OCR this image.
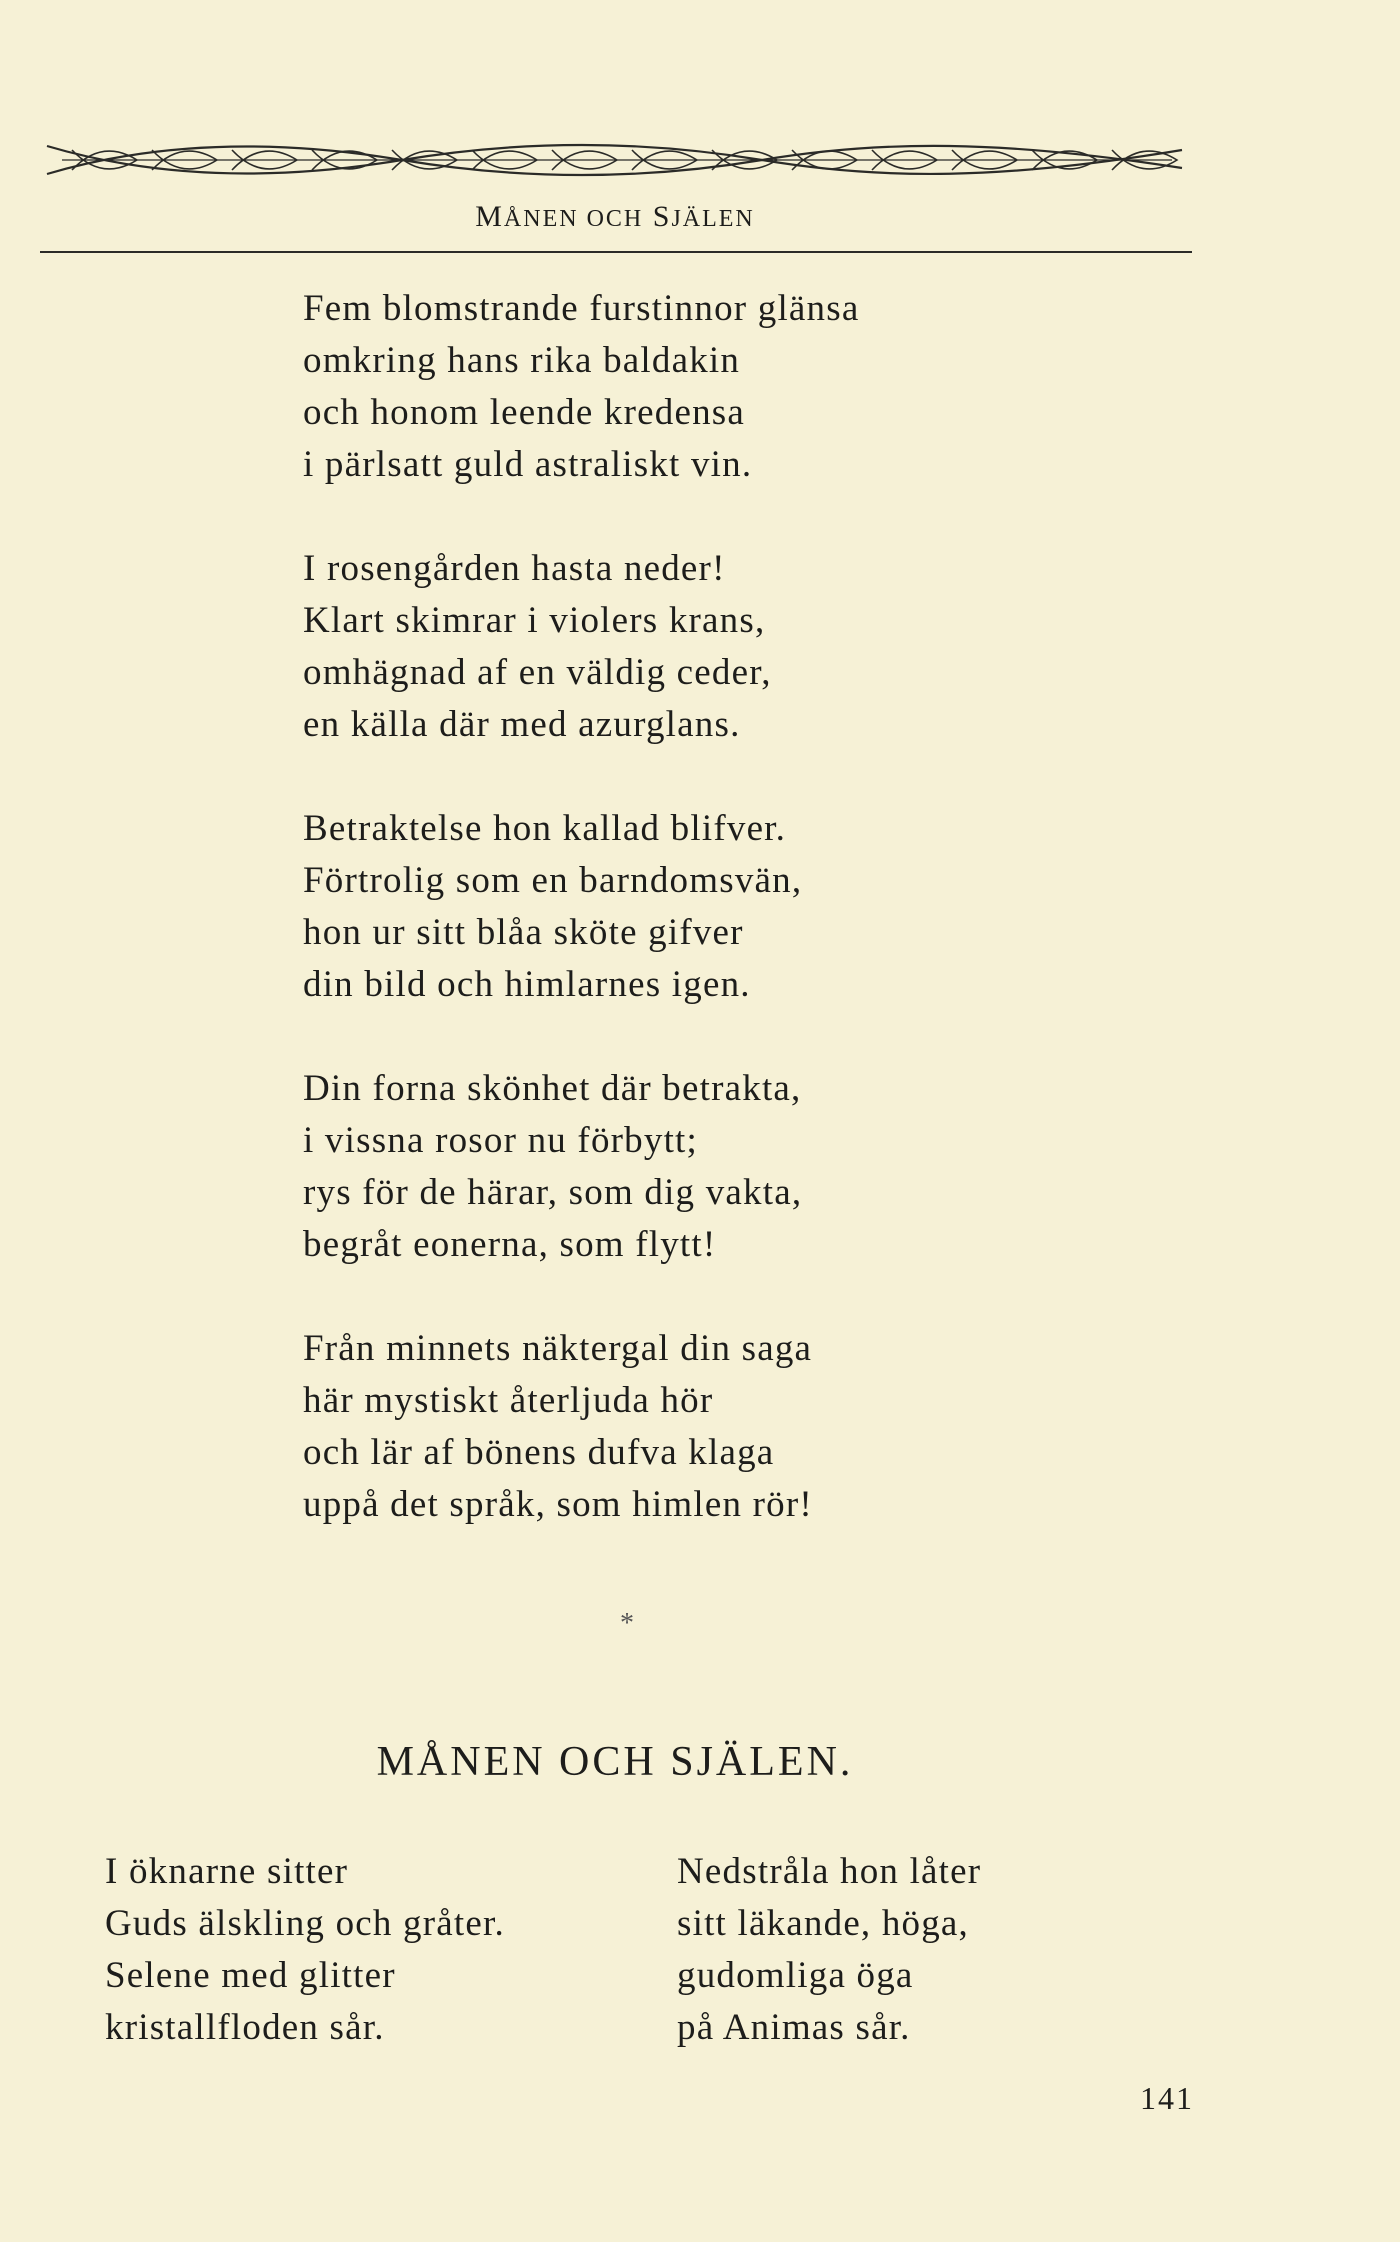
MÅNEN OCH SJÄLEN
Fem blomstrande furstinnor glänsa
omkring hans rika baldakin
och honom leende kredensa
i pärlsatt guld astraliskt vin.
I rosengården hasta neder!
Klart skimrar i violers krans,
omhägnad af en väldig ceder,
en källa där med azurglans.
Betraktelse hon kallad blifver.
Förtrolig som en barndomsvän,
hon ur sitt blåa sköte gifver
din bild och himlarnes igen.
Din forna skönhet där betrakta,
i vissna rosor nu förbytt;
rys för de härar, som dig vakta,
begråt eonerna, som flytt!
Från minnets näktergal din saga
här mystiskt återljuda hör
och lär af bönens dufva klaga
uppå det språk, som himlen rör!
*
MÅNEN OCH SJÄLEN.
I öknarne sitter
Guds älskling och gråter.
Selene med glitter
kristallfloden sår.
Nedstråla hon låter
sitt läkande, höga,
gudomliga öga
på Animas sår.
141
